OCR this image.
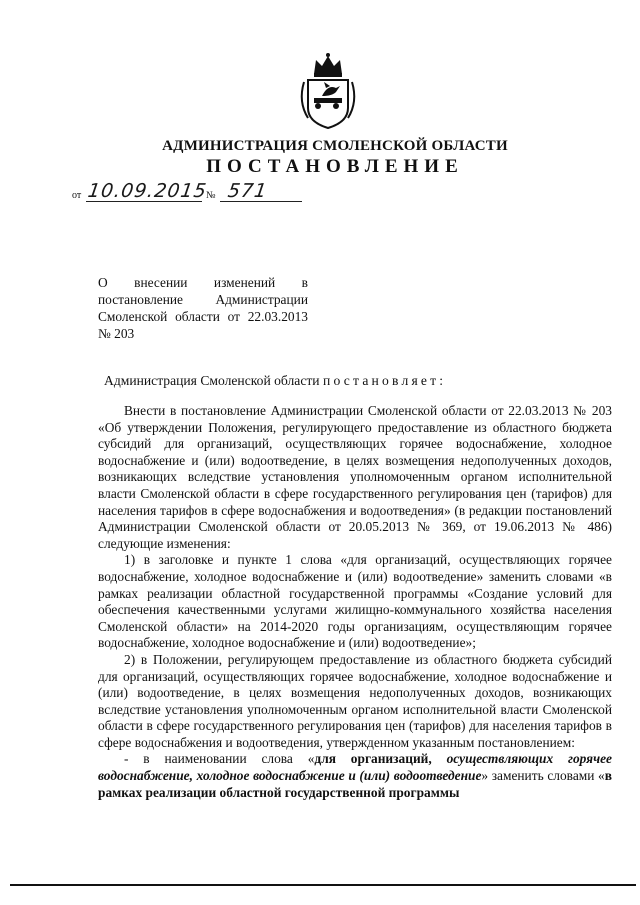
АДМИНИСТРАЦИЯ СМОЛЕНСКОЙ ОБЛАСТИ
ПОСТАНОВЛЕНИЕ
от 10.09.2015
№ 571
О внесении изменений в постановление Администрации Смоленской области от 22.03.2013
№ 203
Администрация Смоленской области постановляет:

Внести в постановление Администрации Смоленской области от 22.03.2013 № 203 «Об утверждении Положения, регулирующего предоставление из областного бюджета субсидий для организаций, осуществляющих горячее водоснабжение, холодное водоснабжение и (или) водоотведение, в целях возмещения недополученных доходов, возникающих вследствие установления уполномоченным органом исполнительной власти Смоленской области в сфере государственного регулирования цен (тарифов) для населения тарифов в сфере водоснабжения и водоотведения» (в редакции постановлений Администрации Смоленской области от 20.05.2013 № 369, от 19.06.2013 № 486) следующие изменения:

1) в заголовке и пункте 1 слова «для организаций, осуществляющих горячее водоснабжение, холодное водоснабжение и (или) водоотведение» заменить словами «в рамках реализации областной государственной программы «Создание условий для обеспечения качественными услугами жилищно-коммунального хозяйства населения Смоленской области» на 2014-2020 годы организациям, осуществляющим горячее водоснабжение, холодное водоснабжение и (или) водоотведение»;

2) в Положении, регулирующем предоставление из областного бюджета субсидий для организаций, осуществляющих горячее водоснабжение, холодное водоснабжение и (или) водоотведение, в целях возмещения недополученных доходов, возникающих вследствие установления уполномоченным органом исполнительной власти Смоленской области в сфере государственного регулирования цен (тарифов) для населения тарифов в сфере водоснабжения и водоотведения, утвержденном указанным постановлением:

- в наименовании слова «для организаций, осуществляющих горячее водоснабжение, холодное водоснабжение и (или) водоотведение» заменить словами «в рамках реализации областной государственной программы
